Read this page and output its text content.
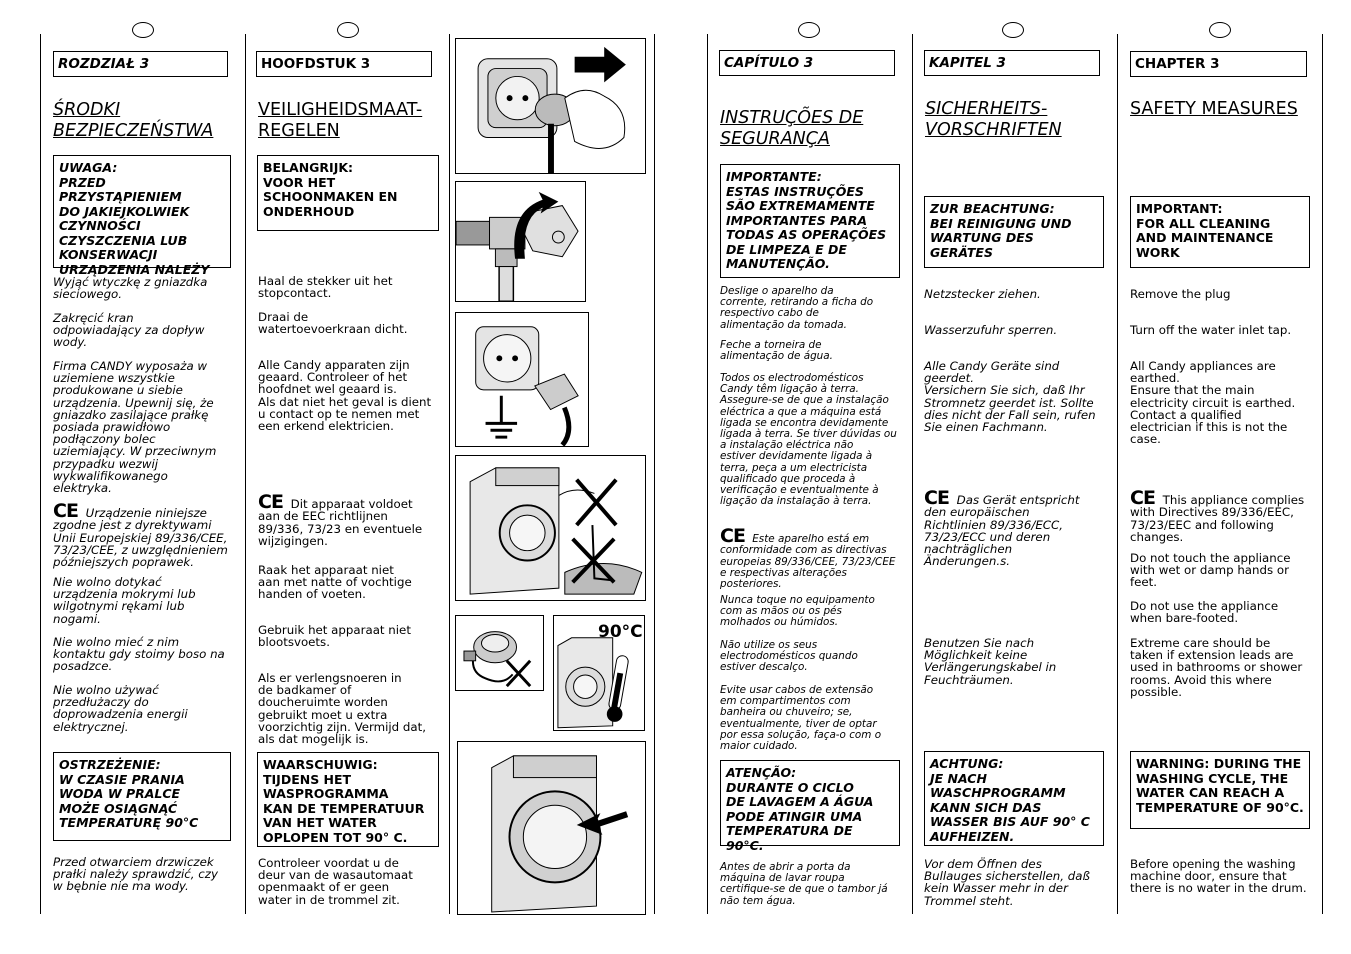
ROZDZIAŁ 3
ŚRODKI
BEZPIECZEŃSTWA
UWAGA:
PRZED PRZYSTĄPIENIEM
DO JAKIEJKOLWIEK
CZYNNOŚCI
CZYSZCZENIA LUB
KONSERWACJI
URZĄDZENIA NALEŻY
Wyjąć wtyczkę z gniazdka
sieciowego.
Zakręcić kran
odpowiadający za dopływ
wody.
Firma CANDY wyposaża w
uziemiene wszystkie
produkowane u siebie
urządzenia. Upewnij się, że
gniazdko zasilające prałkę
posiada prawidłowo
podłączony bolec
uziemiający. W przeciwnym
przypadku wezwij
wykwalifikowanego
elektryka.

CE Urządzenie niniejsze
zgodne jest z dyrektywami
Unii Europejskiej 89/336/CEE,
73/23/CEE, z uwzględnieniem
późniejszych poprawek.

Nie wolno dotykać
urządzenia mokrymi lub
wilgotnymi rękami lub
nogami.
Nie wolno mieć z nim
kontaktu gdy stoimy boso na
posadzce.
Nie wolno używać
przedłużaczy do
doprowadzenia energii
elektrycznej.
OSTRZEŻENIE:
W CZASIE PRANIA
WODA W PRALCE
MOŻE OSIĄGNĄĆ
TEMPERATURĘ 90°C
Przed otwarciem drzwiczek
prałki należy sprawdzić, czy
w bębnie nie ma wody.
HOOFDSTUK 3
VEILIGHEIDSMAAT-
REGELEN
BELANGRIJK:
VOOR HET
SCHOONMAKEN EN
ONDERHOUD
Haal de stekker uit het
stopcontact.
Draai de
watertoevoerkraan dicht.
Alle Candy apparaten zijn
geaard. Controleer of het
hoofdnet wel geaard is.
Als dat niet het geval is dient
u contact op te nemen met
een erkend elektricien.

CE Dit apparaat voldoet
aan de EEC richtlijnen
89/336, 73/23 en eventuele
wijzigingen.

Raak het apparaat niet
aan met natte of vochtige
handen of voeten.
Gebruik het apparaat niet
blootsvoets.
Als er verlengsnoeren in
de badkamer of
doucheruimte worden
gebruikt moet u extra
voorzichtig zijn. Vermijd dat,
als dat mogelijk is.
WAARSCHUWIG:
TIJDENS HET
WASPROGRAMMA
KAN DE TEMPERATUUR
VAN HET WATER
OPLOPEN TOT 90° C.
Controleer voordat u de
deur van de wasautomaat
openmaakt of er geen
water in de trommel zit.
90°C
CAPÍTULO 3
INSTRUÇÕES DE
SEGURANÇA
IMPORTANTE:
ESTAS INSTRUÇÕES
SÃO EXTREMAMENTE
IMPORTANTES PARA
TODAS AS OPERAÇÕES
DE LIMPEZA E DE
MANUTENÇÃO.
Deslige o aparelho da
corrente, retirando a ficha do
respectivo cabo de
alimentação da tomada.
Feche a torneira de
alimentação de água.
Todos os electrodomésticos
Candy têm ligação à terra.
Assegure-se de que a instalação
eléctrica a que a máquina está
ligada se encontra devidamente
ligada à terra. Se tiver dúvidas ou
a instalação eléctrica não
estiver devidamente ligada à
terra, peça a um electricista
qualificado que proceda à
verificação e eventualmente à
ligação da instalação à terra.

CE Este aparelho está em
conformidade com as directivas
europeias 89/336/CEE, 73/23/CEE
e respectivas alterações
posteriores.

Nunca toque no equipamento
com as mãos ou os pés
molhados ou húmidos.
Não utilize os seus
electrodomésticos quando
estiver descalço.
Evite usar cabos de extensão
em compartimentos com
banheira ou chuveiro; se,
eventualmente, tiver de optar
por essa solução, faça-o com o
maior cuidado.
ATENÇÃO:
DURANTE O CICLO
DE LAVAGEM A ÁGUA
PODE ATINGIR UMA
TEMPERATURA DE 90°C.
Antes de abrir a porta da
máquina de lavar roupa
certifique-se de que o tambor já
não tem água.
KAPITEL 3
SICHERHEITS-
VORSCHRIFTEN
ZUR BEACHTUNG:
BEI REINIGUNG UND
WARTUNG DES
GERÄTES
Netzstecker ziehen.
Wasserzufuhr sperren.
Alle Candy Geräte sind
geerdet.
Versichern Sie sich, daß Ihr
Stromnetz geerdet ist. Sollte
dies nicht der Fall sein, rufen
Sie einen Fachmann.

CE Das Gerät entspricht
den europäischen
Richtlinien 89/336/ECC,
73/23/ECC und deren
nachträglichen
Änderungen.s.

Benutzen Sie nach
Möglichkeit keine
Verlängerungskabel in
Feuchträumen.
ACHTUNG:
JE NACH
WASCHPROGRAMM
KANN SICH DAS
WASSER BIS AUF 90° C
AUFHEIZEN.
Vor dem Öffnen des
Bullauges sicherstellen, daß
kein Wasser mehr in der
Trommel steht.
CHAPTER 3
SAFETY MEASURES
IMPORTANT:
FOR ALL CLEANING
AND MAINTENANCE
WORK
Remove the plug
Turn off the water inlet tap.
All Candy appliances are
earthed.
Ensure that the main
electricity circuit is earthed.
Contact a qualified
electrician if this is not the
case.

CE This appliance complies
with Directives 89/336/EEC,
73/23/EEC and following
changes.

Do not touch the appliance
with wet or damp hands or
feet.
Do not use the appliance
when bare-footed.
Extreme care should be
taken if extension leads are
used in bathrooms or shower
rooms. Avoid this where
possible.
WARNING: DURING THE
WASHING CYCLE, THE
WATER CAN REACH A
TEMPERATURE OF 90°C.
Before opening the washing
machine door, ensure that
there is no water in the drum.
